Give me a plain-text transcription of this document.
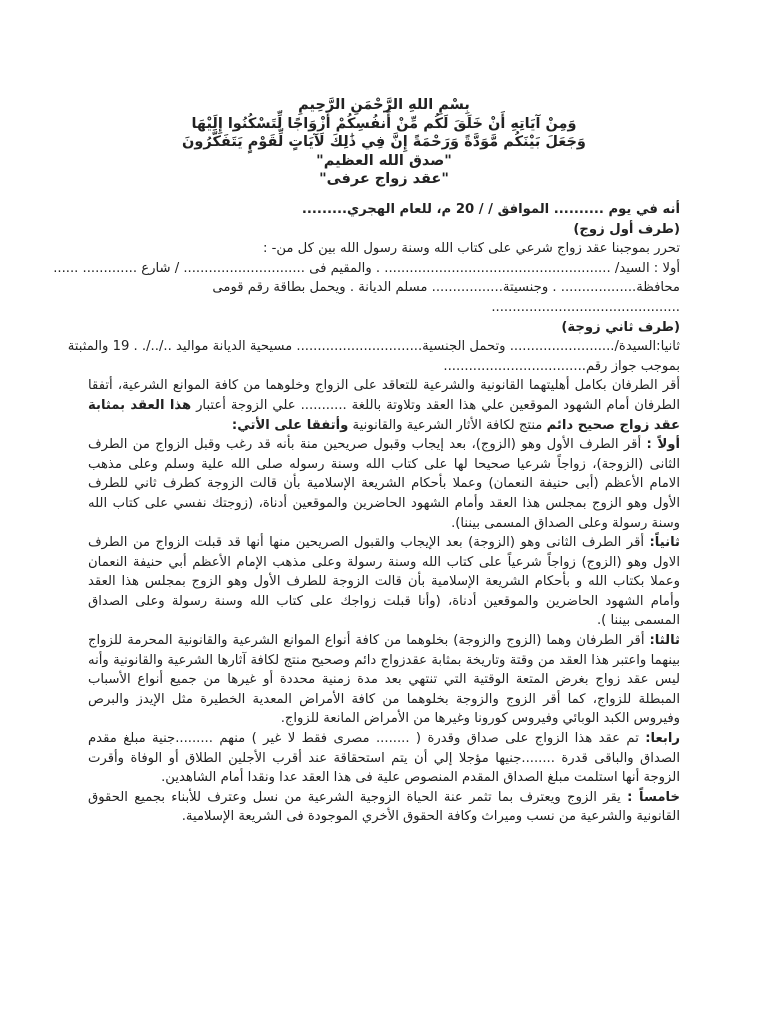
بِسْمِ اللهِ الرَّحْمَنِ الرَّحِيمِ
وَمِنْ آيَاتِهِ أَنْ خَلَقَ لَكُم مِّنْ أَنفُسِكُمْ أَزْوَاجًا لِّتَسْكُنُوا إِلَيْهَا
وَجَعَلَ بَيْنَكُم مَّوَدَّةً وَرَحْمَةً إِنَّ فِي ذَٰلِكَ لَآيَاتٍ لِّقَوْمٍ يَتَفَكَّرُونَ
"صدق الله العظيم"
"عقد زواج عرفى"
أنه في يوم .......... الموافق / / 20 م، للعام الهجري.........
(طرف أول زوج)
تحرر بموجبنا عقد زواج شرعي على كتاب الله وسنة رسول الله بين كل من- :
أولا : السيد/ ...................................................... . والمقيم فى ............................. / شارع ............. ......
محافظة.................. . وجنسيتة................. مسلم الديانة . ويحمل بطاقة رقم قومى
.............................................
(طرف ثاني زوجة)
ثانيا:السيدة/......................... وتحمل الجنسية.............................. مسيحية الديانة مواليد ../../. . 19 والمثبتة
بموجب جواز رقم..................................

أقر الطرفان بكامل أهليتهما القانونية والشرعية للتعاقد على الزواج وخلوهما من كافة الموانع الشرعية، أتفقا الطرفان أمام الشهود الموقعين علي هذا العقد وتلاوتة باللغة ........... علي الزوجة أعتبار هذا العقد بمثابة عقد زواج صحيح دائم منتج لكافة الأثار الشرعية والقانونية وأتفقا على الأتي:

أولاً : أقر الطرف الأول وهو (الزوج)، بعد إيجاب وقبول صريحين منة بأنه قد رغب وقبل الزواج من الطرف الثانى (الزوجة)، زواجاً شرعيا صحيحا لها على كتاب الله وسنة رسوله صلى الله علية وسلم وعلى مذهب الامام الأعظم (أبى حنيفة النعمان) وعملا بأحكام الشريعة الإسلامية بأن قالت الزوجة كطرف ثاني للطرف الأول وهو الزوج بمجلس هذا العقد وأمام الشهود الحاضرين والموقعين أدناة، (زوجتك نفسي على كتاب الله وسنة رسولة وعلى الصداق المسمى بيننا).

ثانياً: أقر الطرف الثانى وهو (الزوجة) بعد الإيجاب والقبول الصريحين منها أنها قد قبلت الزواج من الطرف الاول وهو (الزوج) زواجاً شرعياً على كتاب الله وسنة رسولة وعلى مذهب الإمام الأعظم أبي حنيفة النعمان وعملا بكتاب الله و بأحكام الشريعة الإسلامية بأن قالت الزوجة للطرف الأول وهو الزوج بمجلس هذا العقد وأمام الشهود الحاضرين والموقعين أدناة، (وأنا قبلت زواجك على كتاب الله وسنة رسولة وعلى الصداق المسمى بيننا ).

ثالثا: أقر الطرفان وهما (الزوج والزوجة) بخلوهما من كافة أنواع الموانع الشرعية والقانونية المحرمة للزواج بينهما واعتبر هذا العقد من وقتة وتاريخة بمثابة عقدزواج دائم وصحيح منتج لكافة آثارها الشرعية والقانونية وأنه ليس عقد زواج بغرض المتعة الوقتية التي تنتهي بعد مدة زمنية محددة أو غيرها من جميع أنواع الأسباب المبطلة للزواج، كما أقر الزوج والزوجة بخلوهما من كافة الأمراض المعدية الخطيرة مثل الإيدز والبرص وفيروس الكبد الوبائي وفيروس كورونا وغيرها من الأمراض المانعة للزواج.

رابعا: تم عقد هذا الزواج على صداق وقدرة ( ........ مصرى فقط لا غير ) منهم .........جنية مبلغ مقدم الصداق والباقى قدرة ........جنيها مؤجلا إلي أن يتم استحقاقة عند أقرب الأجلين الطلاق أو الوفاة وأقرت الزوجة أنها استلمت مبلغ الصداق المقدم المنصوص علية فى هذا العقد عدا ونقدا أمام الشاهدين.

خامساً : يقر الزوج ويعترف بما تثمر عنة الحياة الزوجية الشرعية من نسل وعترف للأبناء بجميع الحقوق القانونية والشرعية من نسب وميراث وكافة الحقوق الأخري الموجودة فى الشريعة الإسلامية.
